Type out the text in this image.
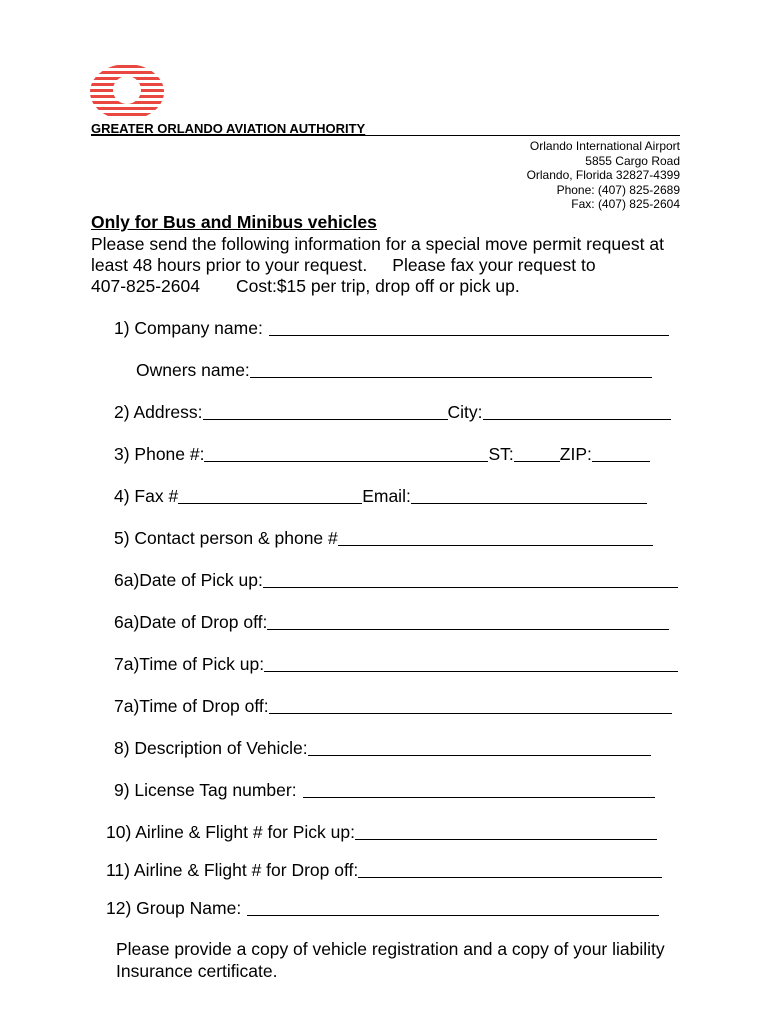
GREATER ORLANDO AVIATION AUTHORITY
Orlando International Airport
5855 Cargo Road
Orlando, Florida 32827-4399
Phone: (407) 825-2689
Fax: (407) 825-2604
Only for Bus and Minibus vehicles
Please send the following information for a special move permit request at
least 48 hours prior to your request. Please fax your request to
407-825-2604 Cost:$15 per trip, drop off or pick up.
1) Company name:
Owners name:
2) Address:	City:
3) Phone #:	ST:	ZIP:
4) Fax #	Email:
5) Contact person & phone #
6a)Date of Pick up:
6a)Date of Drop off:
7a)Time of Pick up:
7a)Time of Drop off:
8) Description of Vehicle:
9) License Tag number:
10) Airline & Flight # for Pick up:
11) Airline & Flight # for Drop off:
12) Group Name:
Please provide a copy of vehicle registration and a copy of your liability
Insurance certificate.
